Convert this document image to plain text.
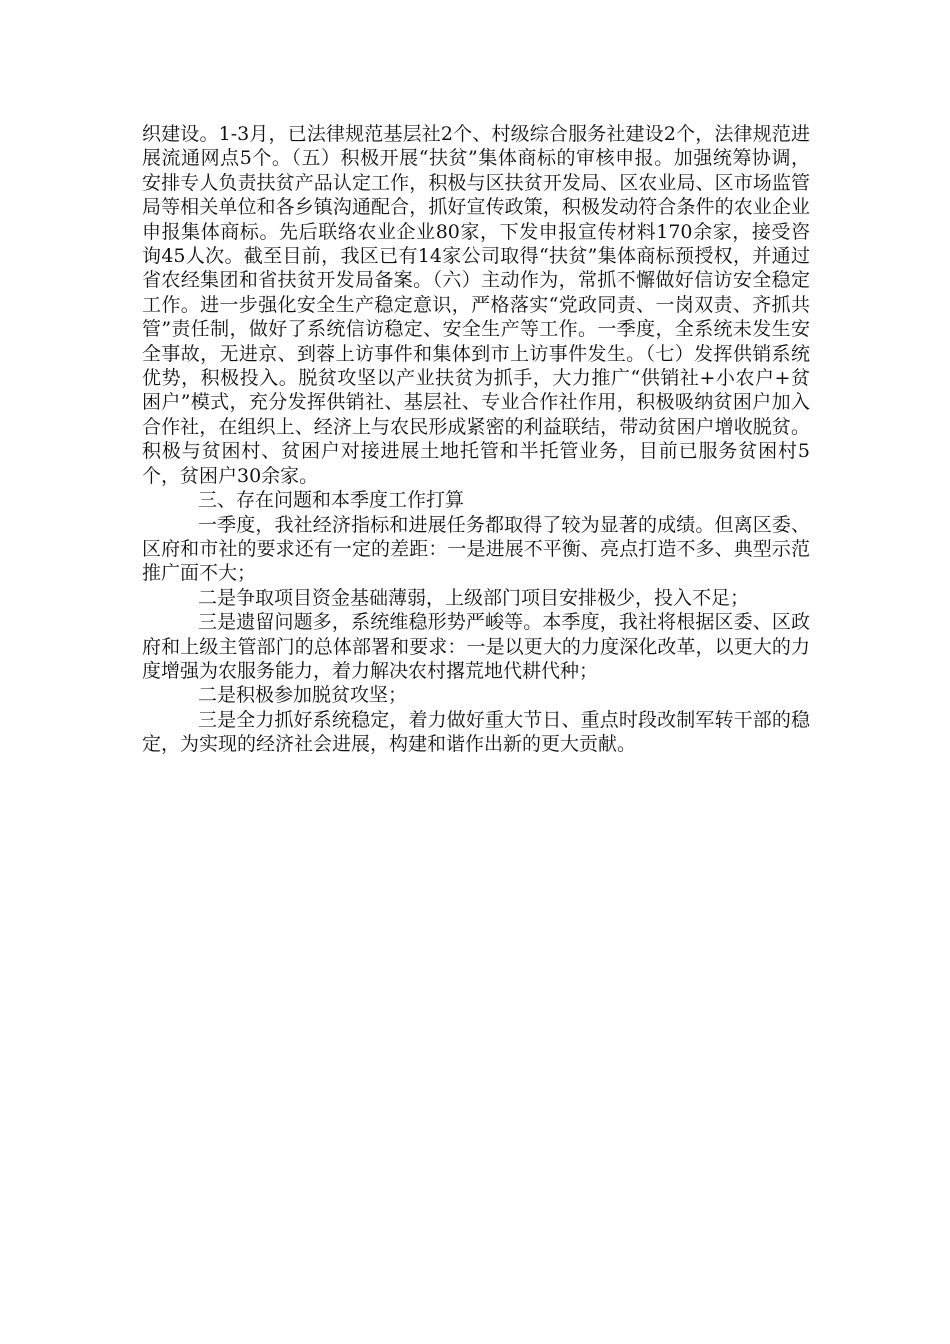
织建设。1-3月，已法律规范基层社2个、村级综合服务社建设2个，法律规范进展流通网点5个。（五）积极开展“扶贫”集体商标的审核申报。加强统筹协调，安排专人负责扶贫产品认定工作，积极与区扶贫开发局、区农业局、区市场监管局等相关单位和各乡镇沟通配合，抓好宣传政策，积极发动符合条件的农业企业申报集体商标。先后联络农业企业80家，下发申报宣传材料170余家，接受咨询45人次。截至目前，我区已有14家公司取得“扶贫”集体商标预授权，并通过省农经集团和省扶贫开发局备案。（六）主动作为，常抓不懈做好信访安全稳定工作。进一步强化安全生产稳定意识，严格落实“党政同责、一岗双责、齐抓共管”责任制，做好了系统信访稳定、安全生产等工作。一季度，全系统未发生安全事故，无进京、到蓉上访事件和集体到市上访事件发生。（七）发挥供销系统优势，积极投入。脱贫攻坚以产业扶贫为抓手，大力推广“供销社+小农户+贫困户”模式，充分发挥供销社、基层社、专业合作社作用，积极吸纳贫困户加入合作社，在组织上、经济上与农民形成紧密的利益联结，带动贫困户增收脱贫。积极与贫困村、贫困户对接进展土地托管和半托管业务，目前已服务贫困村5个，贫困户30余家。

三、存在问题和本季度工作打算

一季度，我社经济指标和进展任务都取得了较为显著的成绩。但离区委、区府和市社的要求还有一定的差距：一是进展不平衡、亮点打造不多、典型示范推广面不大；

二是争取项目资金基础薄弱，上级部门项目安排极少，投入不足；

三是遗留问题多，系统维稳形势严峻等。本季度，我社将根据区委、区政府和上级主管部门的总体部署和要求：一是以更大的力度深化改革，以更大的力度增强为农服务能力，着力解决农村撂荒地代耕代种；

二是积极参加脱贫攻坚；

三是全力抓好系统稳定，着力做好重大节日、重点时段改制军转干部的稳定，为实现的经济社会进展，构建和谐作出新的更大贡献。
